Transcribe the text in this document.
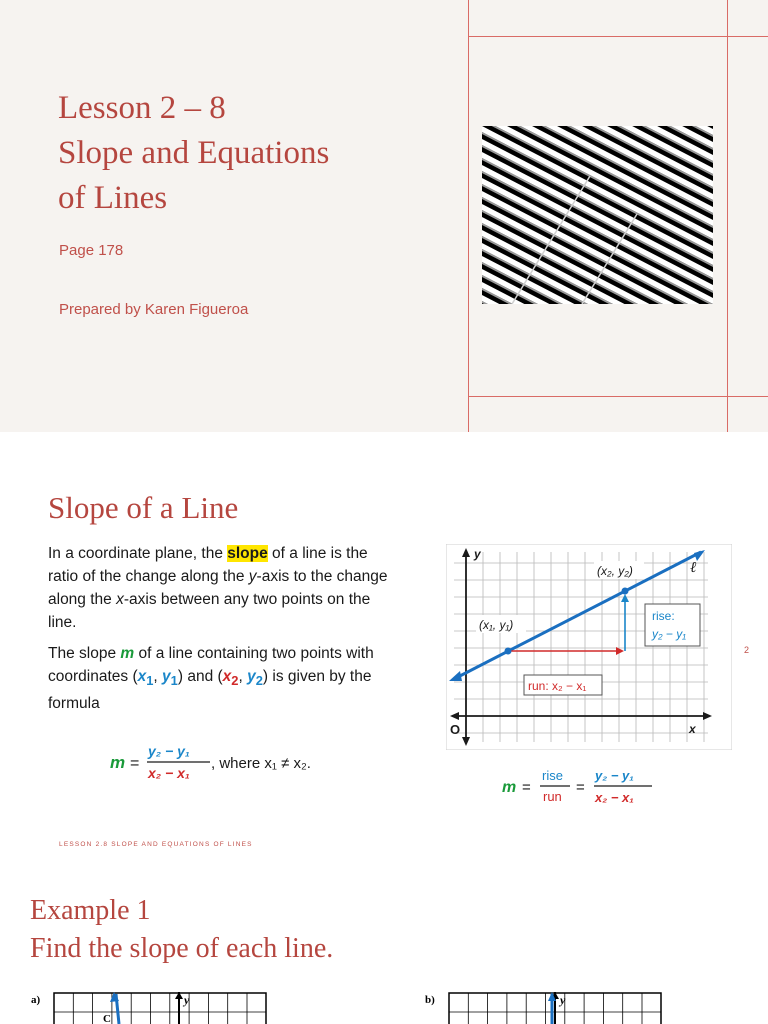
Lesson 2 – 8
Slope and Equations
of Lines
Page 178
Prepared by Karen Figueroa
Slope of a Line

In a coordinate plane, the slope of a line is the ratio of the change along the y-axis to the change along the x-axis between any two points on the line.

The slope m of a line containing two points with coordinates ($x_1$, $y_1$) and ($x_2$, $y_2$) is given by the formula

m =
y₂ − y₁
x₂ − x₁
, where x₁ ≠ x₂.
y
x
O
ℓ
(x₁, y₁)
(x₂, y₂)
rise:
y₂ − y₁
run: x₂ − x₁
m =
rise
run
=
y₂ − y₁
x₂ − x₁
2
LESSON 2.8 SLOPE AND EQUATIONS OF LINES
Example 1
Find the slope of each line.
a)	y
C
b)	y
